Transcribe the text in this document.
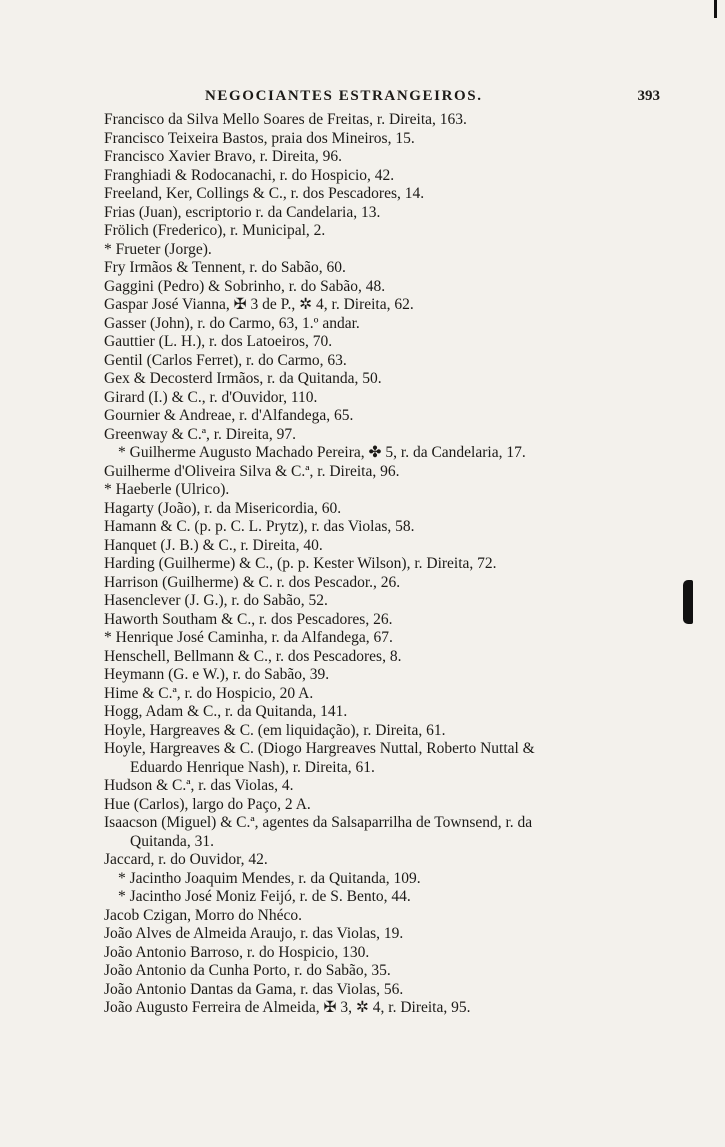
NEGOCIANTES ESTRANGEIROS.	393
Francisco da Silva Mello Soares de Freitas, r. Direita, 163.
Francisco Teixeira Bastos, praia dos Mineiros, 15.
Francisco Xavier Bravo, r. Direita, 96.
Franghiadi & Rodocanachi, r. do Hospicio, 42.
Freeland, Ker, Collings & C., r. dos Pescadores, 14.
Frias (Juan), escriptorio r. da Candelaria, 13.
Frölich (Frederico), r. Municipal, 2.
* Frueter (Jorge).
Fry Irmãos & Tennent, r. do Sabão, 60.
Gaggini (Pedro) & Sobrinho, r. do Sabão, 48.
Gaspar José Vianna, ✠ 3 de P., ✲ 4, r. Direita, 62.
Gasser (John), r. do Carmo, 63, 1.º andar.
Gauttier (L. H.), r. dos Latoeiros, 70.
Gentil (Carlos Ferret), r. do Carmo, 63.
Gex & Decosterd Irmãos, r. da Quitanda, 50.
Girard (I.) & C., r. d'Ouvidor, 110.
Gournier & Andreae, r. d'Alfandega, 65.
Greenway & C.ª, r. Direita, 97.
* Guilherme Augusto Machado Pereira, ✤ 5, r. da Candelaria, 17.
Guilherme d'Oliveira Silva & C.ª, r. Direita, 96.
* Haeberle (Ulrico).
Hagarty (João), r. da Misericordia, 60.
Hamann & C. (p. p. C. L. Prytz), r. das Violas, 58.
Hanquet (J. B.) & C., r. Direita, 40.
Harding (Guilherme) & C., (p. p. Kester Wilson), r. Direita, 72.
Harrison (Guilherme) & C. r. dos Pescador., 26.
Hasenclever (J. G.), r. do Sabão, 52.
Haworth Southam & C., r. dos Pescadores, 26.
* Henrique José Caminha, r. da Alfandega, 67.
Henschell, Bellmann & C., r. dos Pescadores, 8.
Heymann (G. e W.), r. do Sabão, 39.
Hime & C.ª, r. do Hospicio, 20 A.
Hogg, Adam & C., r. da Quitanda, 141.
Hoyle, Hargreaves & C. (em liquidação), r. Direita, 61.
Hoyle, Hargreaves & C. (Diogo Hargreaves Nuttal, Roberto Nuttal &
Eduardo Henrique Nash), r. Direita, 61.
Hudson & C.ª, r. das Violas, 4.
Hue (Carlos), largo do Paço, 2 A.
Isaacson (Miguel) & C.ª, agentes da Salsaparrilha de Townsend, r. da
Quitanda, 31.
Jaccard, r. do Ouvidor, 42.
* Jacintho Joaquim Mendes, r. da Quitanda, 109.
* Jacintho José Moniz Feijó, r. de S. Bento, 44.
Jacob Czigan, Morro do Nhéco.
João Alves de Almeida Araujo, r. das Violas, 19.
João Antonio Barroso, r. do Hospicio, 130.
João Antonio da Cunha Porto, r. do Sabão, 35.
João Antonio Dantas da Gama, r. das Violas, 56.
João Augusto Ferreira de Almeida, ✠ 3, ✲ 4, r. Direita, 95.
